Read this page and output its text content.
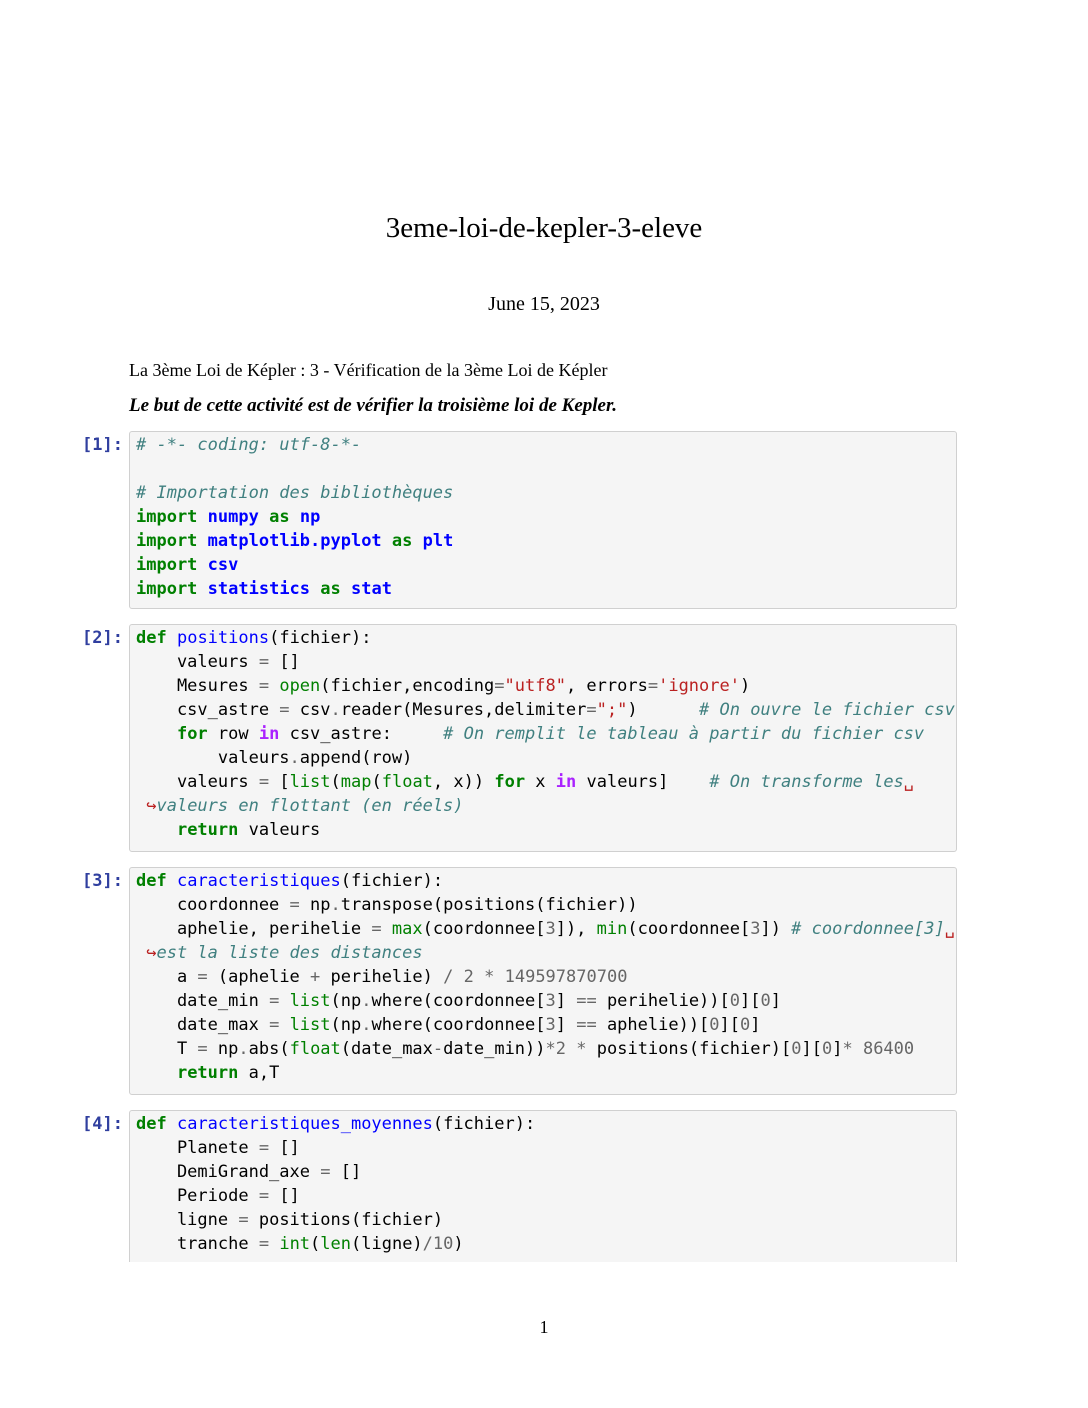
3eme-loi-de-kepler-3-eleve
June 15, 2023
La 3ème Loi de Képler : 3 - Vérification de la 3ème Loi de Képler
Le but de cette activité est de vérifier la troisième loi de Kepler.
[1]: # -*- coding: utf-8-*-
# Importation des bibliothèques
import numpy as np
import matplotlib.pyplot as plt
import csv
import statistics as stat
[2]: def positions(fichier):
valeurs = []
Mesures = open(fichier,encoding="utf8", errors='ignore')
csv_astre = csv.reader(Mesures,delimiter=";")      # On ouvre le fichier csv
for row in csv_astre:     # On remplit le tableau à partir du fichier csv
valeurs.append(row)
valeurs = [list(map(float, x)) for x in valeurs]    # On transforme les␣
↪valeurs en flottant (en réels)
return valeurs
[3]: def caracteristiques(fichier):
coordonnee = np.transpose(positions(fichier))
aphelie, perihelie = max(coordonnee[3]), min(coordonnee[3]) # coordonnee[3]␣
↪est la liste des distances
a = (aphelie + perihelie) / 2 * 149597870700
date_min = list(np.where(coordonnee[3] == perihelie))[0][0]
date_max = list(np.where(coordonnee[3] == aphelie))[0][0]
T = np.abs(float(date_max-date_min))*2 * positions(fichier)[0][0]* 86400
return a,T
[4]: def caracteristiques_moyennes(fichier):
Planete = []
DemiGrand_axe = []
Periode = []
ligne = positions(fichier)
tranche = int(len(ligne)/10)
1
